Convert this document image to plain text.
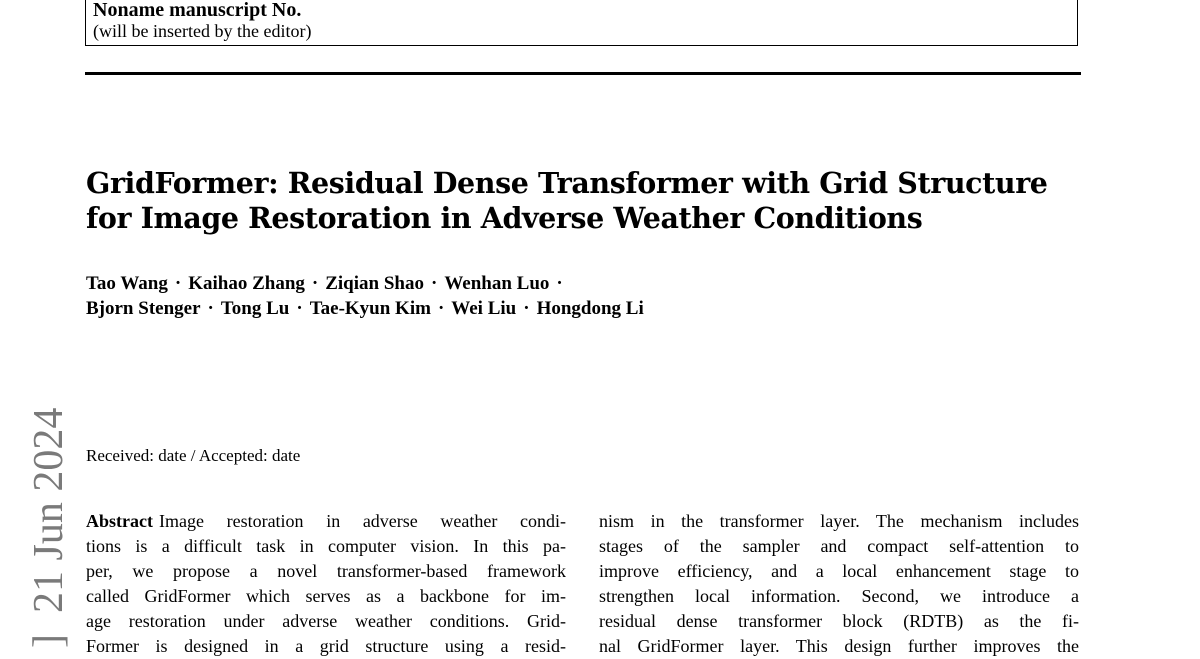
Noname manuscript No.
(will be inserted by the editor)
GridFormer: Residual Dense Transformer with Grid Structure
for Image Restoration in Adverse Weather Conditions
Tao Wang · Kaihao Zhang · Ziqian Shao · Wenhan Luo ·
Bjorn Stenger · Tong Lu · Tae-Kyun Kim · Wei Liu · Hongdong Li
Received: date / Accepted: date
Abstract Image restoration in adverse weather condi-
tions is a difficult task in computer vision. In this pa-
per, we propose a novel transformer-based framework
called GridFormer which serves as a backbone for im-
age restoration under adverse weather conditions. Grid-
Former is designed in a grid structure using a resid-
nism in the transformer layer. The mechanism includes
stages of the sampler and compact self-attention to
improve efficiency, and a local enhancement stage to
strengthen local information. Second, we introduce a
residual dense transformer block (RDTB) as the fi-
nal GridFormer layer. This design further improves the
]  21 Jun 2024
